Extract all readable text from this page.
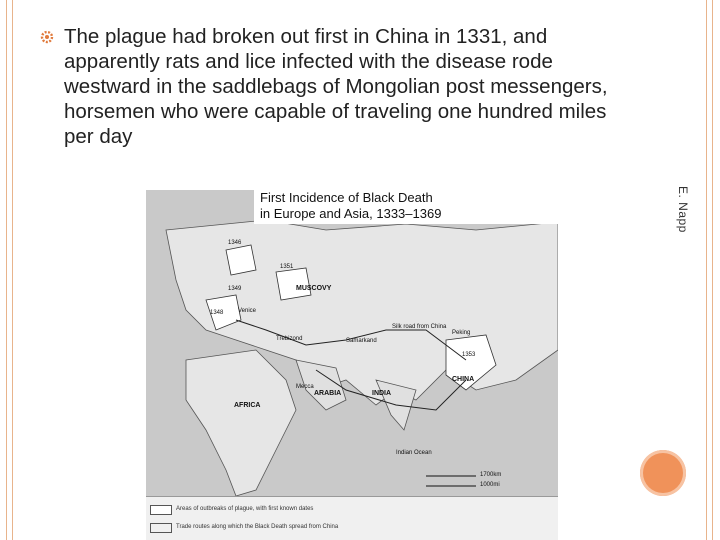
The plague had broken out first in China in 1331, and apparently rats and lice infected with the disease rode westward in the saddlebags of Mongolian post messengers, horsemen who were capable of traveling one hundred miles per day
E. Napp
First Incidence of Black Death
in Europe and Asia, 1333–1369
MUSCOVY
AFRICA
CHINA
INDIA
ARABIA
Samarkand
Peking
Venice
Trebizond
Mecca
Indian Ocean
Silk road from China
1346
1351
1349
1348
1353
1700km
1000mi
Areas of outbreaks of plague, with first known dates
Trade routes along which the Black Death spread from China
